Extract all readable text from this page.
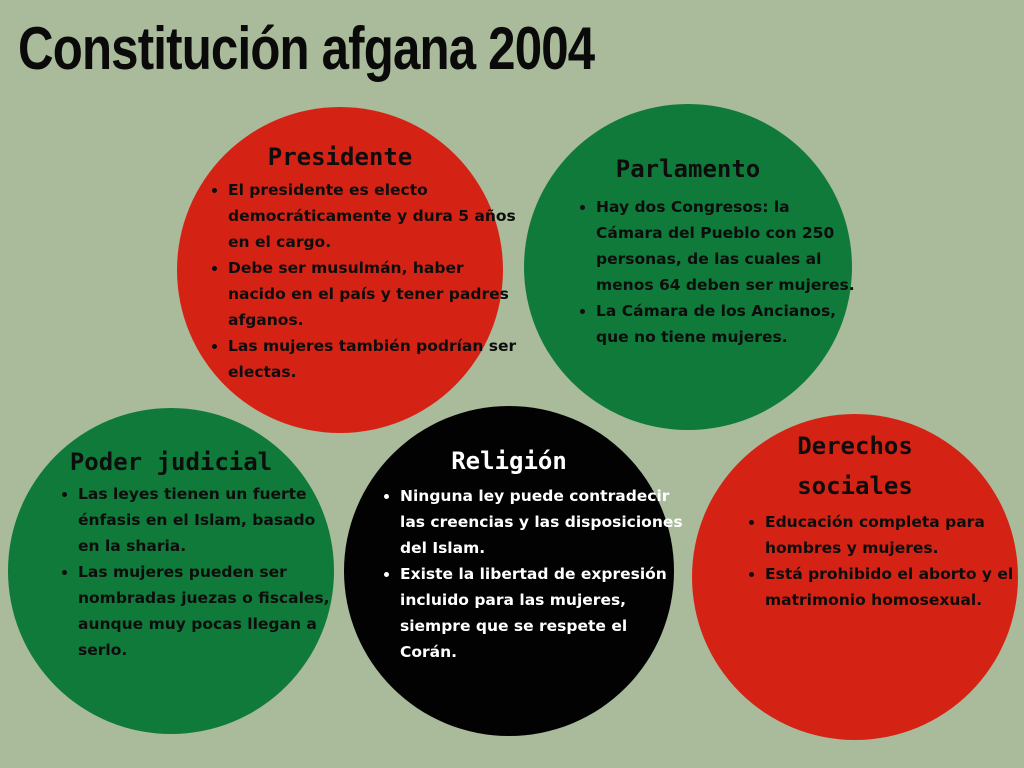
Constitución afgana 2004
Presidente
• El presidente es electo democráticamente y dura 5 años en el cargo.
• Debe ser musulmán, haber nacido en el país y tener padres afganos.
• Las mujeres también podrían ser electas.
Parlamento
• Hay dos Congresos: la Cámara del Pueblo con 250 personas, de las cuales al menos 64 deben ser mujeres.
• La Cámara de los Ancianos, que no tiene mujeres.
Poder judicial
• Las leyes tienen un fuerte énfasis en el Islam, basado en la sharia.
• Las mujeres pueden ser nombradas juezas o fiscales, aunque muy pocas llegan a serlo.
Religión
• Ninguna ley puede contradecir las creencias y las disposiciones del Islam.
• Existe la libertad de expresión incluido para las mujeres, siempre que se respete el Corán.
Derechos
sociales
• Educación completa para hombres y mujeres.
• Está prohibido el aborto y el matrimonio homosexual.
